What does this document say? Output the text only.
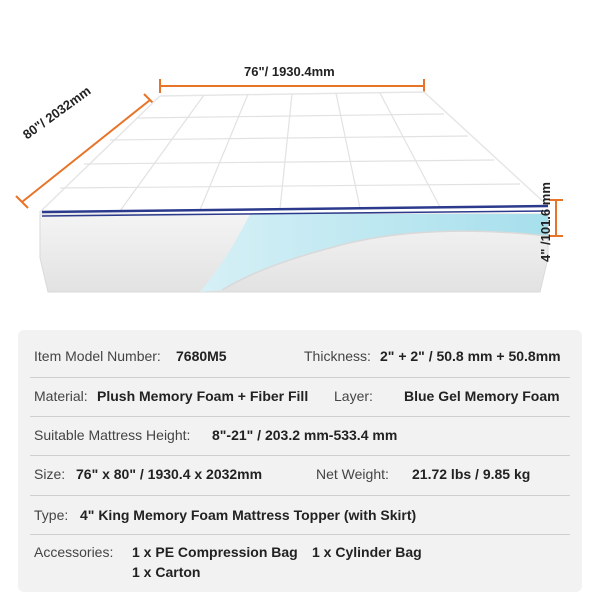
76"/ 1930.4mm
80"/ 2032mm
4" /101.6 mm
Item Model Number: 7680M5	Thickness: 2" + 2" / 50.8 mm + 50.8mm
Material: Plush Memory Foam + Fiber Fill Layer: Blue Gel Memory Foam
Suitable Mattress Height: 8"-21" / 203.2 mm-533.4 mm
Size: 76" x 80" / 1930.4 x 2032mm	Net Weight: 21.72 lbs / 9.85 kg
Type: 4" King Memory Foam Mattress Topper (with Skirt)
Accessories: 1 x PE Compression Bag 1 x Cylinder Bag
1 x Carton
